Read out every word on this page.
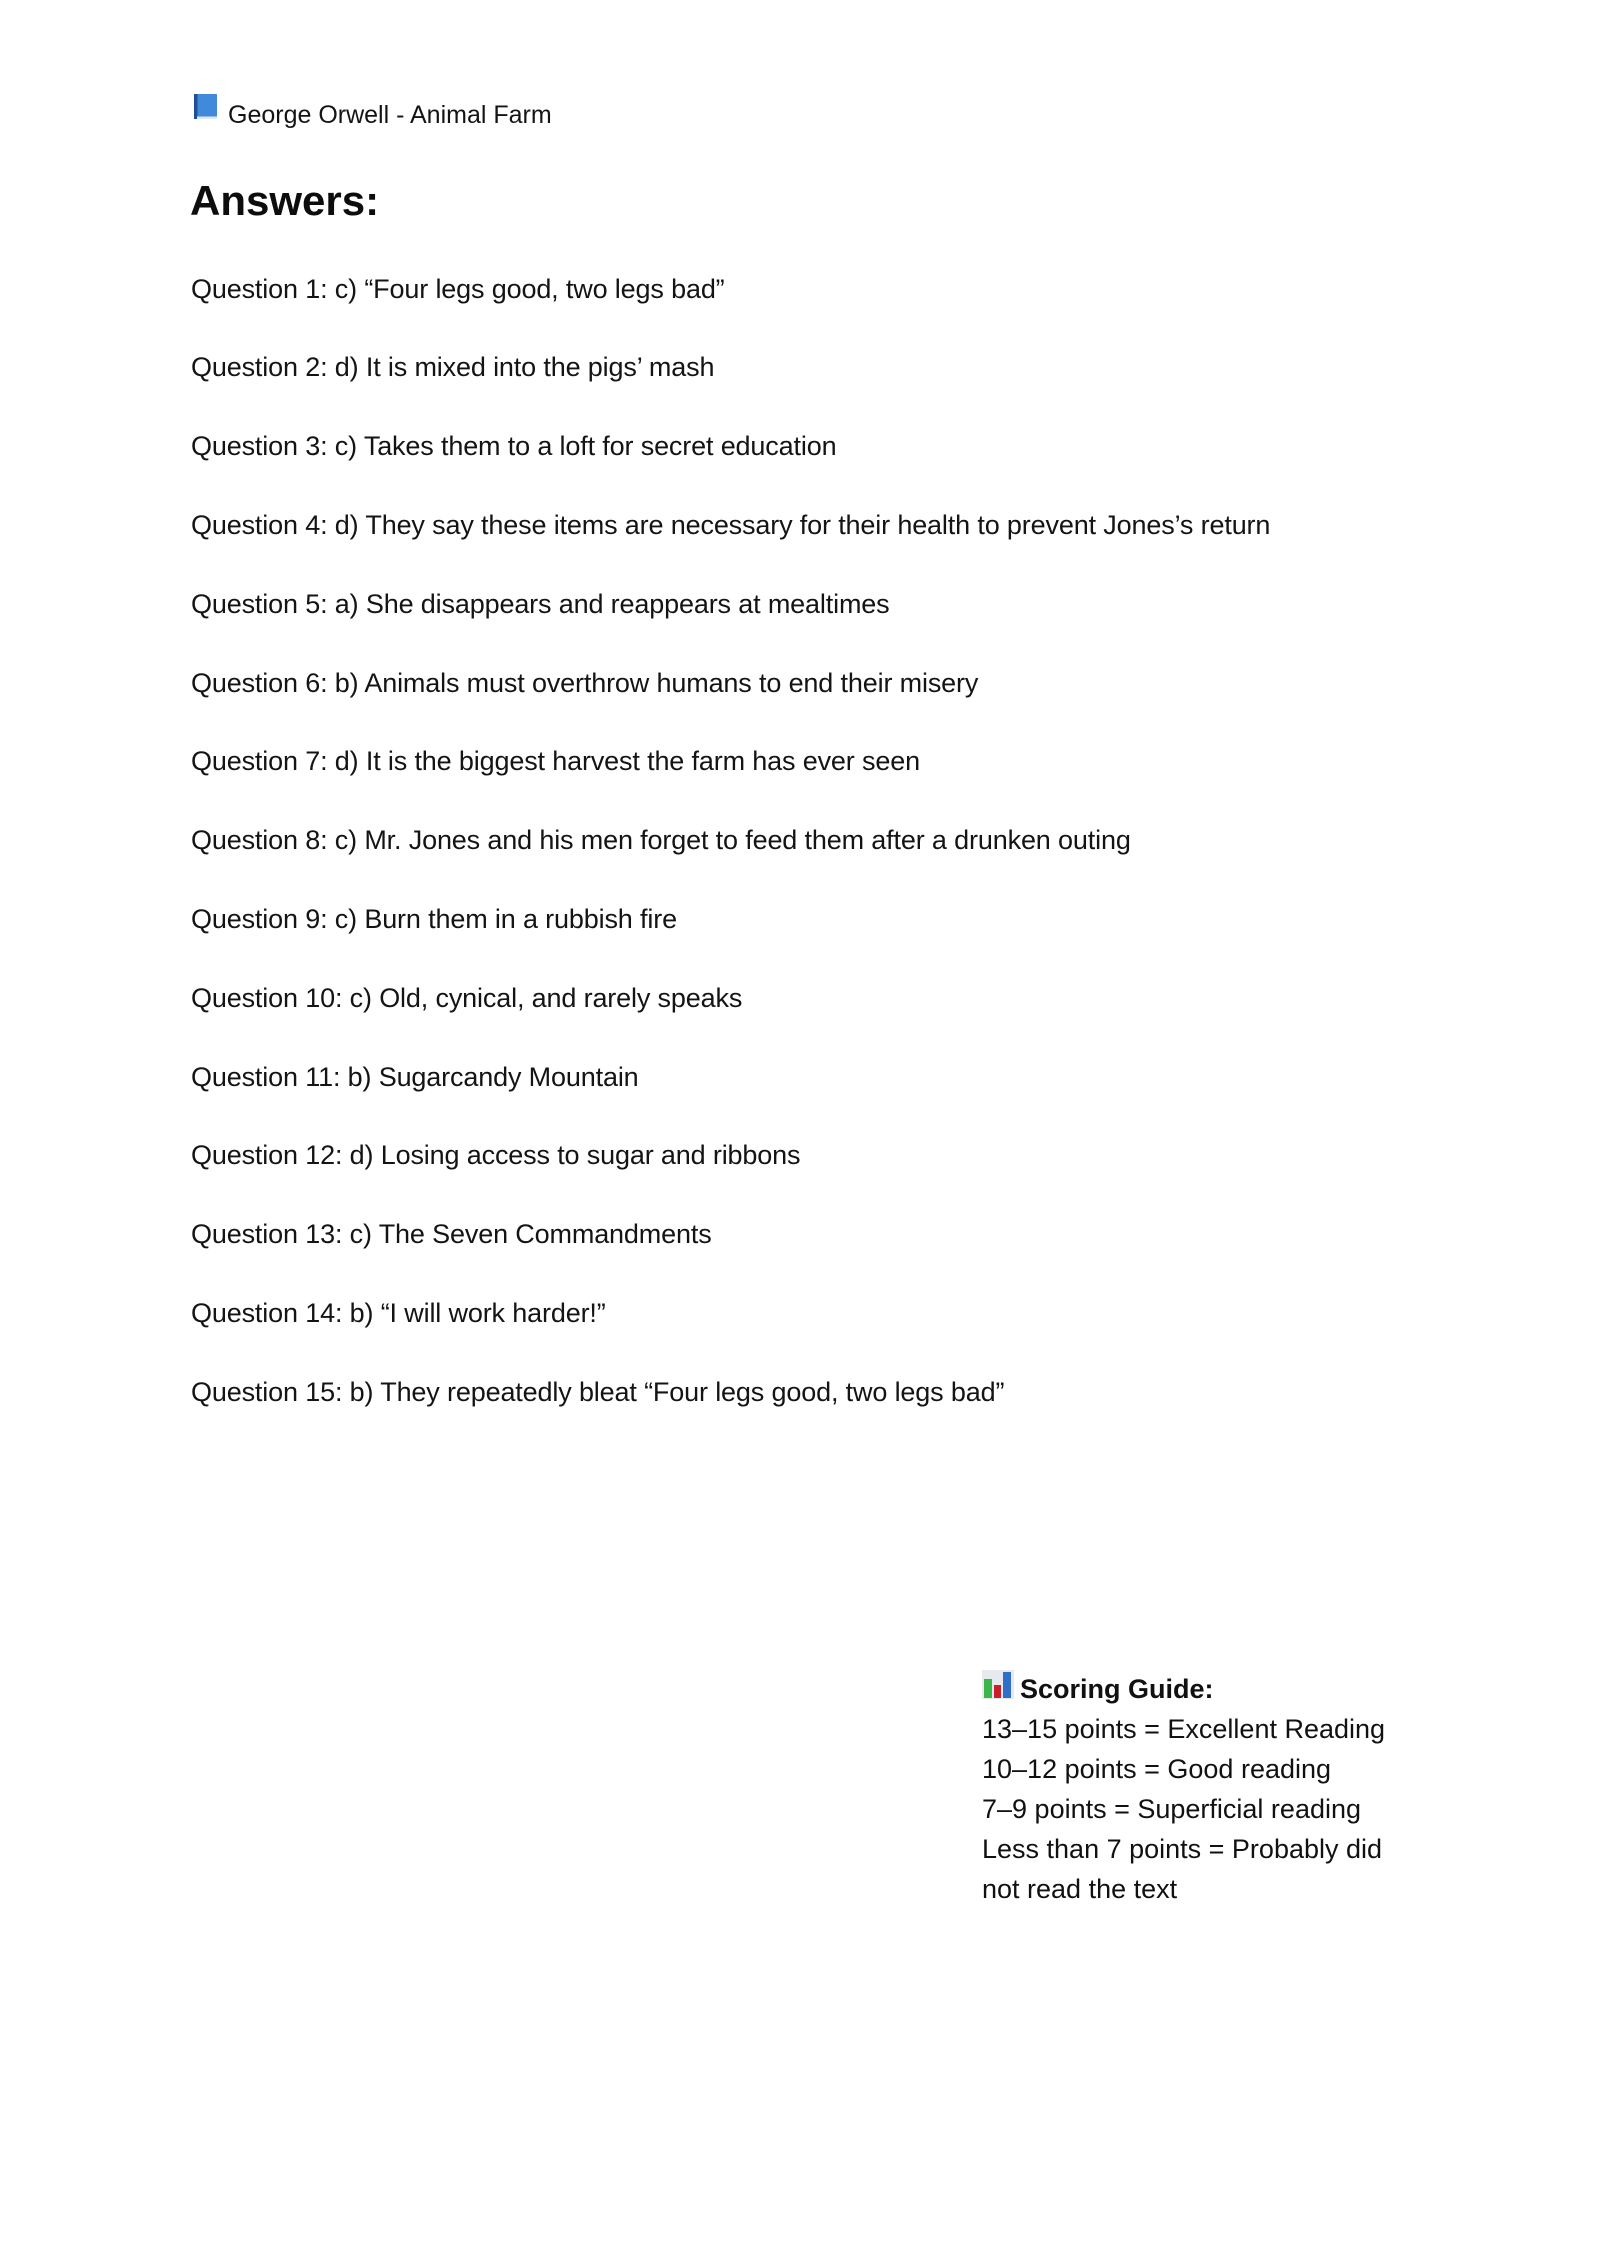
George Orwell - Animal Farm
Answers:
Question 1: c) “Four legs good, two legs bad”
Question 2: d) It is mixed into the pigs’ mash
Question 3: c) Takes them to a loft for secret education
Question 4: d) They say these items are necessary for their health to prevent Jones’s return
Question 5: a) She disappears and reappears at mealtimes
Question 6: b) Animals must overthrow humans to end their misery
Question 7: d) It is the biggest harvest the farm has ever seen
Question 8: c) Mr. Jones and his men forget to feed them after a drunken outing
Question 9: c) Burn them in a rubbish fire
Question 10: c) Old, cynical, and rarely speaks
Question 11: b) Sugarcandy Mountain
Question 12: d) Losing access to sugar and ribbons
Question 13: c) The Seven Commandments
Question 14: b) “I will work harder!”
Question 15: b) They repeatedly bleat “Four legs good, two legs bad”
Scoring Guide:
13–15 points = Excellent Reading
10–12 points = Good reading
7–9 points = Superficial reading
Less than 7 points = Probably did
not read the text
